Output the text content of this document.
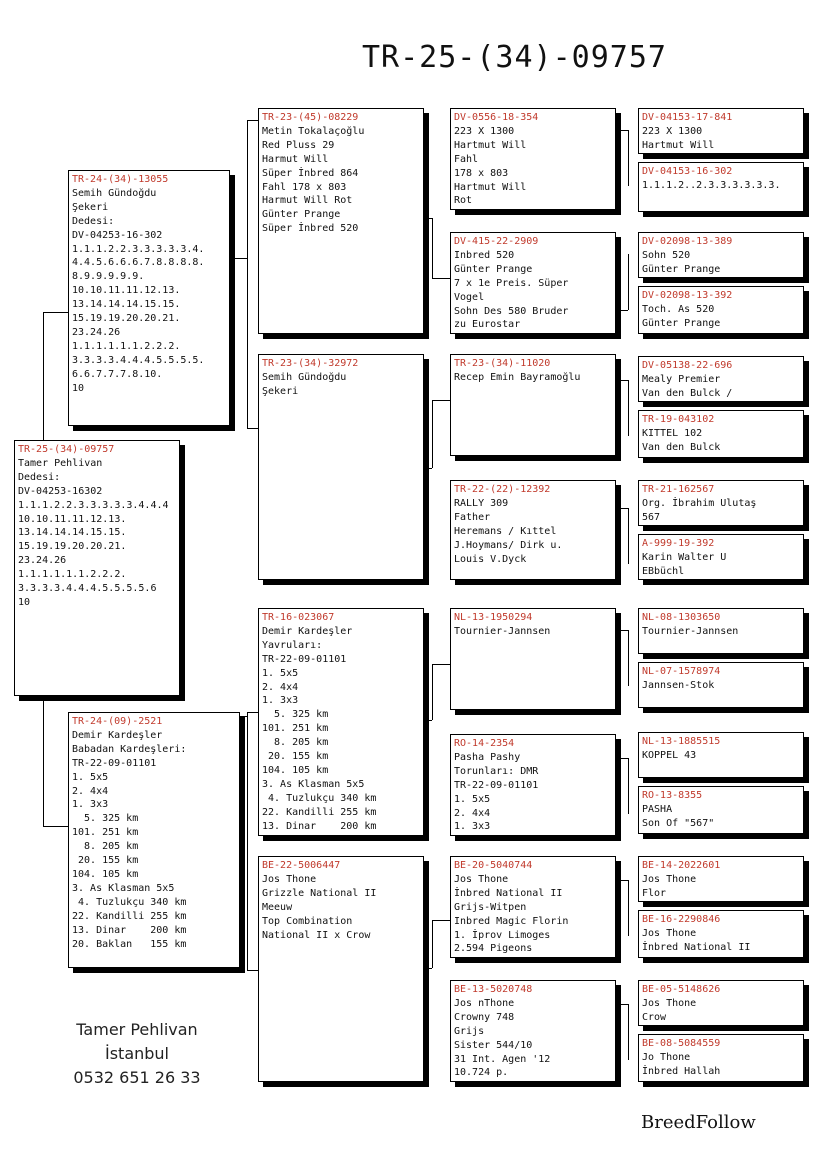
TR-25-(34)-09757
TR-25-(34)-09757
Tamer Pehlivan
Dedesi:
DV-04253-16302
1.1.1.2.2.3.3.3.3.3.4.4.4
10.10.11.11.12.13.
13.14.14.14.15.15.
15.19.19.20.20.21.
23.24.26
1.1.1.1.1.1.2.2.2.
3.3.3.3.4.4.4.5.5.5.5.6
10
TR-24-(34)-13055
Semih Gündoğdu
Şekeri
Dedesi:
DV-04253-16-302
1.1.1.2.2.3.3.3.3.3.4.
4.4.5.6.6.6.7.8.8.8.8.
8.9.9.9.9.9.
10.10.11.11.12.13.
13.14.14.14.15.15.
15.19.19.20.20.21.
23.24.26
1.1.1.1.1.1.2.2.2.
3.3.3.3.4.4.4.5.5.5.5.
6.6.7.7.7.8.10.
10
TR-24-(09)-2521
Demir Kardeşler
Babadan Kardeşleri:
TR-22-09-01101
1. 5x5
2. 4x4
1. 3x3
5. 325 km
101. 251 km
8. 205 km
20. 155 km
104. 105 km
3. As Klasman 5x5
4. Tuzlukçu 340 km
22. Kandilli 255 km
13. Dinar    200 km
20. Baklan   155 km
TR-23-(45)-08229
Metin Tokalaçoğlu
Red Pluss 29
Harmut Will
Süper İnbred 864
Fahl 178 x 803
Harmut Will Rot
Günter Prange
Süper İnbred 520
TR-23-(34)-32972
Semih Gündoğdu
Şekeri
TR-16-023067
Demir Kardeşler
Yavruları:
TR-22-09-01101
1. 5x5
2. 4x4
1. 3x3
5. 325 km
101. 251 km
8. 205 km
20. 155 km
104. 105 km
3. As Klasman 5x5
4. Tuzlukçu 340 km
22. Kandilli 255 km
13. Dinar    200 km
BE-22-5006447
Jos Thone
Grizzle National II
Meeuw
Top Combination
National II x Crow
DV-0556-18-354
223 X 1300
Hartmut Will
Fahl
178 x 803
Hartmut Will
Rot
DV-415-22-2909
Inbred 520
Günter Prange
7 x 1e Preis. Süper
Vogel
Sohn Des 580 Bruder
zu Eurostar
TR-23-(34)-11020
Recep Emin Bayramoğlu
TR-22-(22)-12392
RALLY 309
Father
Heremans / Kıttel
J.Hoymans/ Dirk u.
Louis V.Dyck
NL-13-1950294
Tournier-Jannsen
RO-14-2354
Pasha Pashy
Torunları: DMR
TR-22-09-01101
1. 5x5
2. 4x4
1. 3x3
BE-20-5040744
Jos Thone
İnbred National II
Grijs-Witpen
Inbred Magic Florin
1. İprov Limoges
2.594 Pigeons
BE-13-5020748
Jos nThone
Crowny 748
Grijs
Sister 544/10
31 Int. Agen '12
10.724 p.
DV-04153-17-841
223 X 1300
Hartmut Will
DV-04153-16-302
1.1.1.2..2.3.3.3.3.3.3.
DV-02098-13-389
Sohn 520
Günter Prange
DV-02098-13-392
Toch. As 520
Günter Prange
DV-05138-22-696
Mealy Premier
Van den Bulck /
TR-19-043102
KITTEL 102
Van den Bulck
TR-21-162567
Org. İbrahim Ulutaş
567
A-999-19-392
Karin Walter U
EBbüchl
NL-08-1303650
Tournier-Jannsen
NL-07-1578974
Jannsen-Stok
NL-13-1885515
KOPPEL 43
RO-13-8355
PASHA
Son Of "567"
BE-14-2022601
Jos Thone
Flor
BE-16-2290846
Jos Thone
İnbred National II
BE-05-5148626
Jos Thone
Crow
BE-08-5084559
Jo Thone
İnbred Hallah
Tamer Pehlivan
İstanbul
0532 651 26 33
BreedFollow
